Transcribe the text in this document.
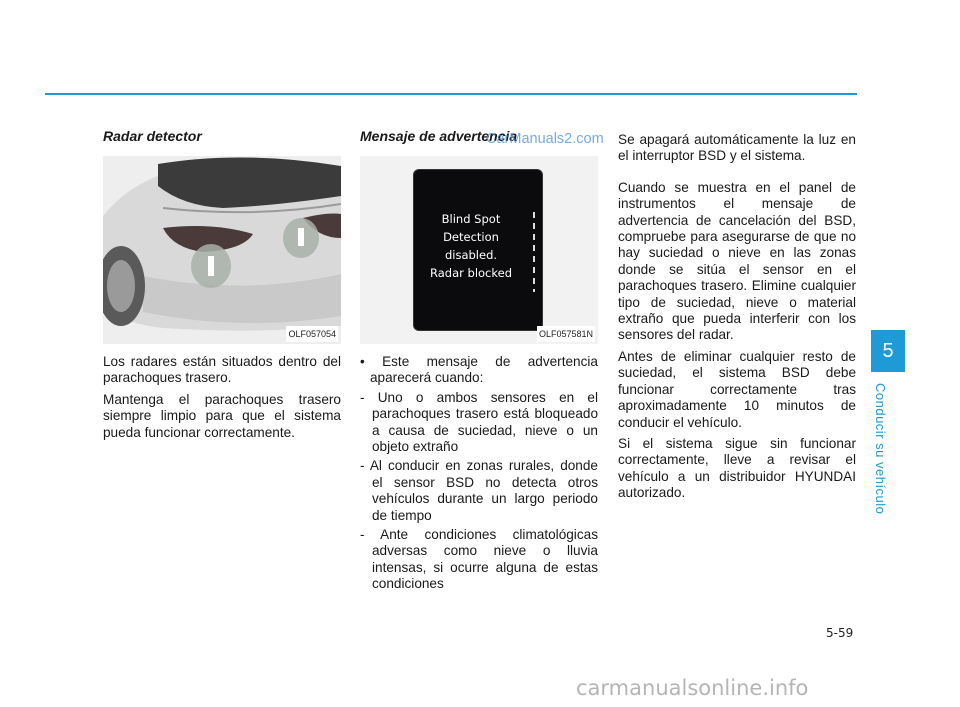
Radar detector
OLF057054

Los radares están situados dentro del parachoques trasero.

Mantenga el parachoques trasero siempre limpio para que el sistema pueda funcionar correctamente.

Mensaje de advertencia
Blind Spot
Detection
disabled.
Radar blocked
OLF057581N
• Este mensaje de advertencia aparecerá cuando:
- Uno o ambos sensores en el parachoques trasero está bloqueado a causa de suciedad, nieve o un objeto extraño
- Al conducir en zonas rurales, donde el sensor BSD no detecta otros vehículos durante un largo periodo de tiempo
- Ante condiciones climatológicas adversas como nieve o lluvia intensas, si ocurre alguna de estas condiciones

Se apagará automáticamente la luz en el interruptor BSD y el sistema.

Cuando se muestra en el panel de instrumentos el mensaje de advertencia de cancelación del BSD, compruebe para asegurarse de que no hay suciedad o nieve en las zonas donde se sitúa el sensor en el parachoques trasero. Elimine cualquier tipo de suciedad, nieve o material extraño que pueda interferir con los sensores del radar.

Antes de eliminar cualquier resto de suciedad, el sistema BSD debe funcionar correctamente tras aproximadamente 10 minutos de conducir el vehículo.

Si el sistema sigue sin funcionar correctamente, lleve a revisar el vehículo a un distribuidor HYUNDAI autorizado.

CarManuals2.com
5
Conducir su vehículo
5-59
carmanualsonline.info
